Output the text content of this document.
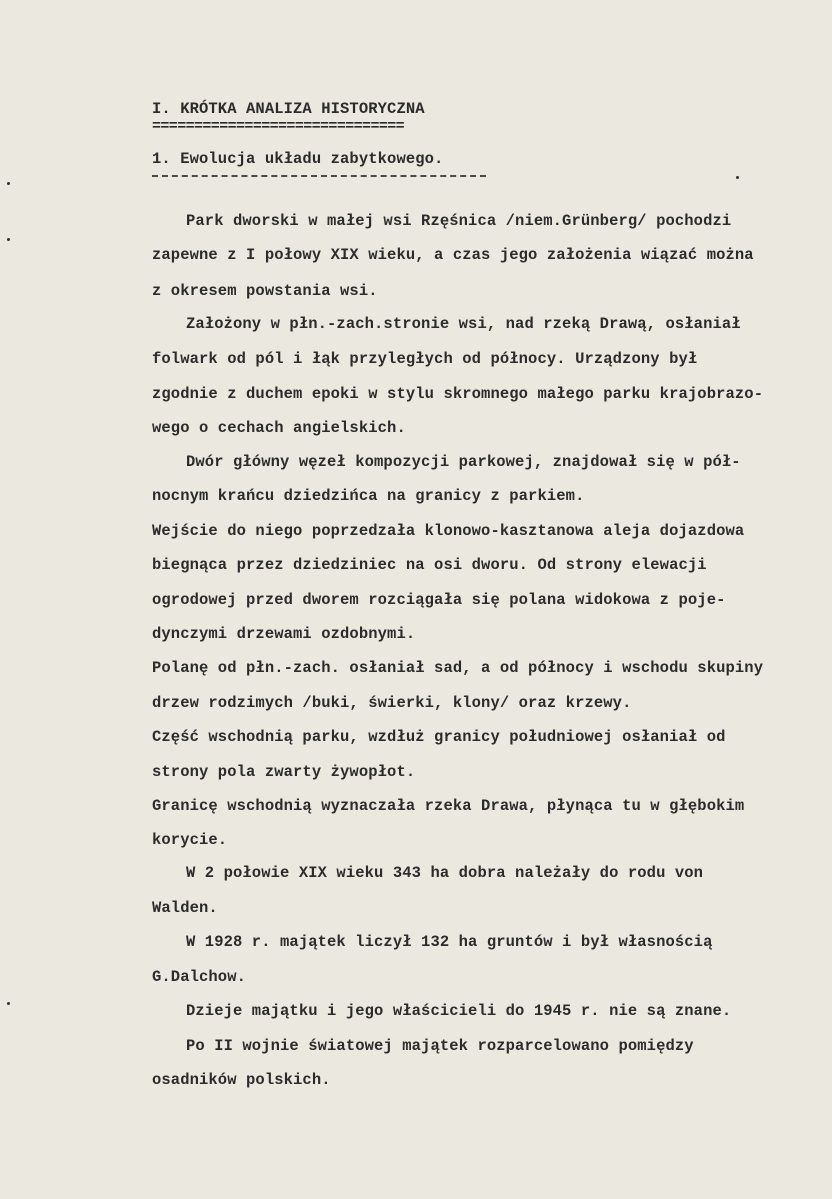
I. KRÓTKA ANALIZA HISTORYCZNA
==============================
1. Ewolucja układu zabytkowego.
Park dworski w małej wsi Rzęśnica /niem.Grünberg/ pochodzi
zapewne z I połowy XIX wieku, a czas jego założenia wiązać można
z okresem powstania wsi.
Założony w płn.-zach.stronie wsi, nad rzeką Drawą, osłaniał
folwark od pól i łąk przyległych od północy. Urządzony był
zgodnie z duchem epoki w stylu skromnego małego parku krajobrazo-
wego o cechach angielskich.
Dwór główny węzeł kompozycji parkowej, znajdował się w pół-
nocnym krańcu dziedzińca na granicy z parkiem.
Wejście do niego poprzedzała klonowo-kasztanowa aleja dojazdowa
biegnąca przez dziedziniec na osi dworu. Od strony elewacji
ogrodowej przed dworem rozciągała się polana widokowa z poje-
dynczymi drzewami ozdobnymi.
Polanę od płn.-zach. osłaniał sad, a od północy i wschodu skupiny
drzew rodzimych /buki, świerki, klony/ oraz krzewy.
Część wschodnią parku, wzdłuż granicy południowej osłaniał od
strony pola zwarty żywopłot.
Granicę wschodnią wyznaczała rzeka Drawa, płynąca tu w głębokim
korycie.
W 2 połowie XIX wieku 343 ha dobra należały do rodu von
Walden.
W 1928 r. majątek liczył 132 ha gruntów i był własnością
G.Dalchow.
Dzieje majątku i jego właścicieli do 1945 r. nie są znane.
Po II wojnie światowej majątek rozparcelowano pomiędzy
osadników polskich.
